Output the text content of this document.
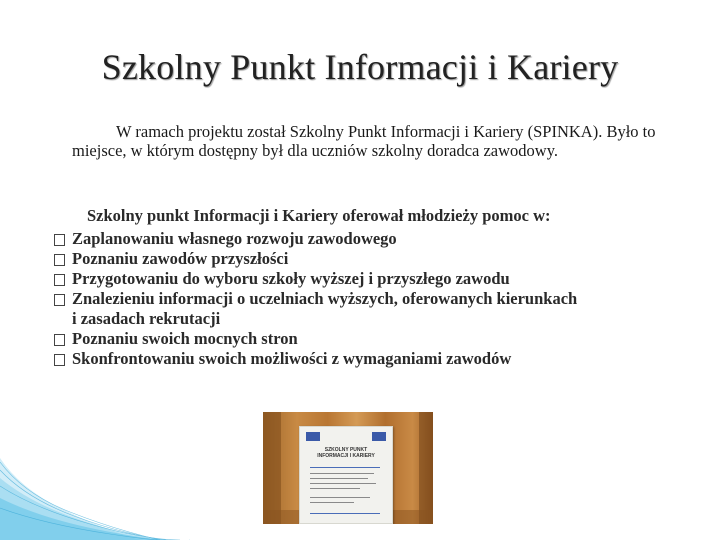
Szkolny Punkt Informacji i Kariery
W ramach projektu został Szkolny Punkt Informacji i Kariery (SPINKA). Było to miejsce, w którym dostępny był dla uczniów szkolny doradca zawodowy.
Szkolny punkt Informacji i Kariery oferował młodzieży pomoc w:
Zaplanowaniu własnego rozwoju zawodowego
Poznaniu zawodów przyszłości
Przygotowaniu do wyboru szkoły wyższej i przyszłego zawodu
Znalezieniu informacji o uczelniach wyższych, oferowanych kierunkach
i zasadach rekrutacji
Poznaniu swoich mocnych stron
Skonfrontowaniu swoich możliwości z wymaganiami zawodów
SZKOLNY PUNKT INFORMACJI I KARIERY
